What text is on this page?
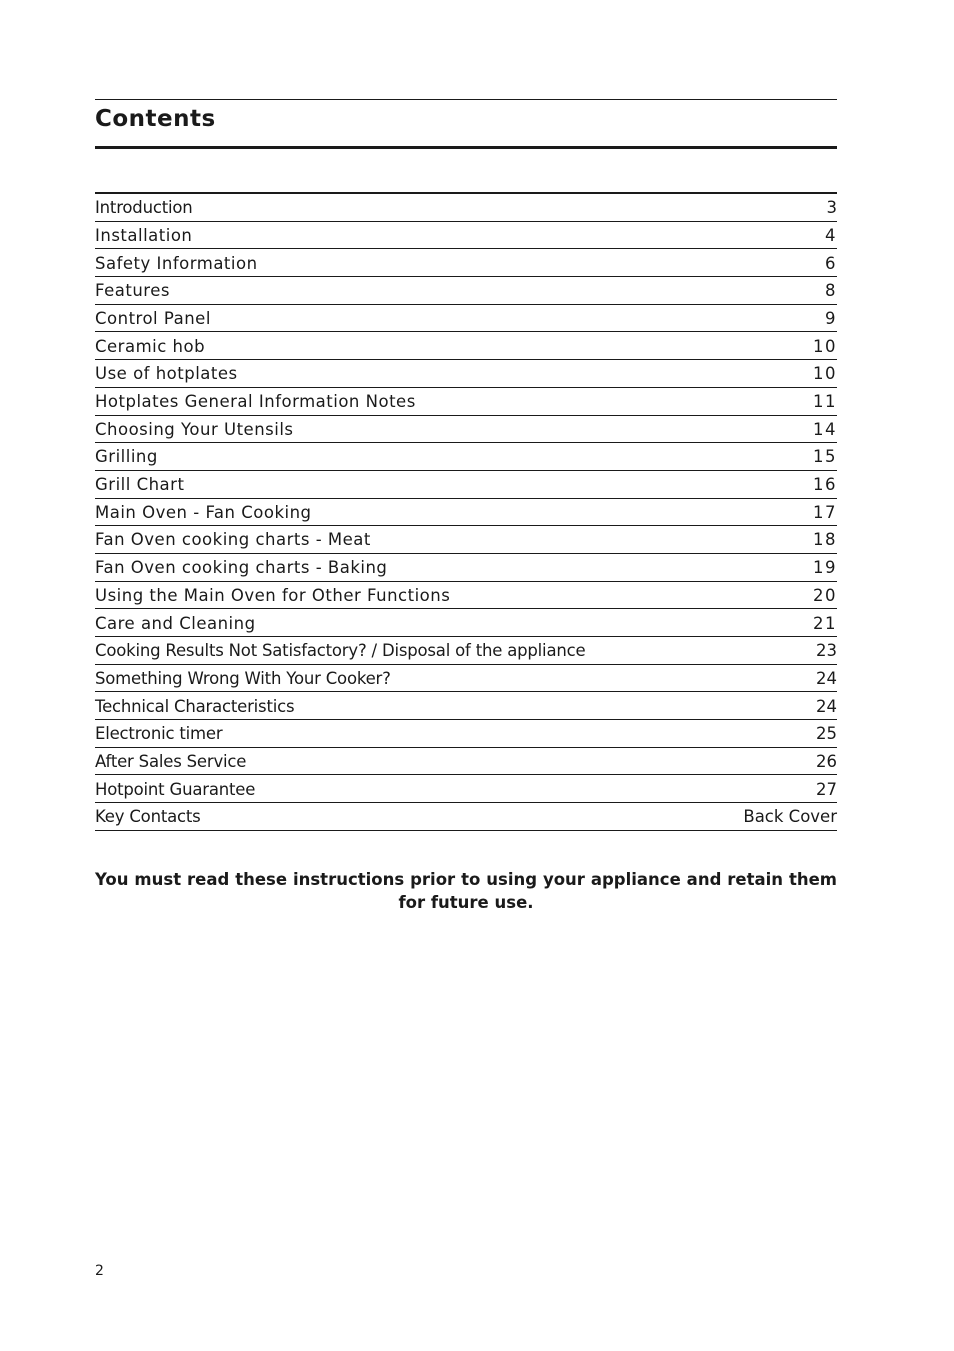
Contents
Introduction	3
Installation	4
Safety Information	6
Features	8
Control Panel	9
Ceramic hob	10
Use of hotplates	10
Hotplates General Information Notes	11
Choosing Your Utensils	14
Grilling	15
Grill Chart	16
Main Oven - Fan Cooking	17
Fan Oven cooking charts - Meat	18
Fan Oven cooking charts - Baking	19
Using the Main Oven for Other Functions	20
Care and Cleaning	21
Cooking Results Not Satisfactory? / Disposal of the appliance	23
Something Wrong With Your Cooker?	24
Technical Characteristics	24
Electronic timer	25
After Sales Service	26
Hotpoint Guarantee	27
Key Contacts	Back Cover
You must read these instructions prior to using your appliance and retain them for future use.
2
